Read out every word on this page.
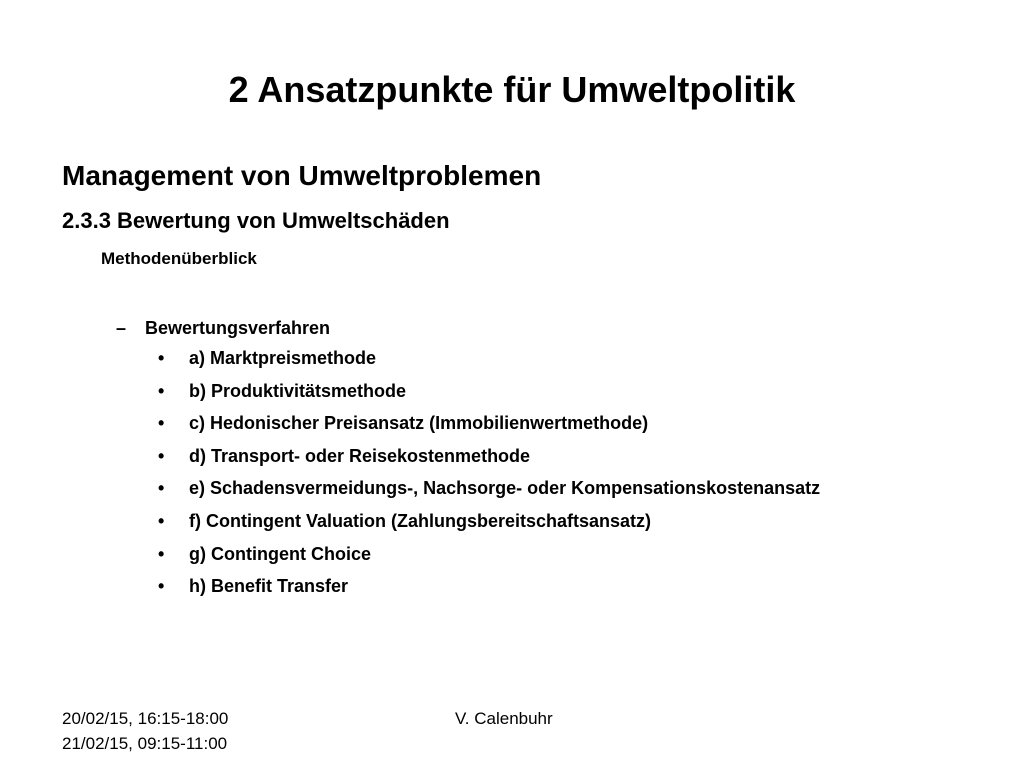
2 Ansatzpunkte für Umweltpolitik
Management von Umweltproblemen
2.3.3 Bewertung von Umweltschäden
Methodenüberblick
– Bewertungsverfahren
• a) Marktpreismethode
• b) Produktivitätsmethode
• c) Hedonischer Preisansatz (Immobilienwertmethode)
• d) Transport- oder Reisekostenmethode
• e) Schadensvermeidungs-, Nachsorge- oder Kompensationskostenansatz
• f) Contingent Valuation (Zahlungsbereitschaftsansatz)
• g) Contingent Choice
• h) Benefit Transfer
20/02/15, 16:15-18:00
21/02/15, 09:15-11:00
V. Calenbuhr
